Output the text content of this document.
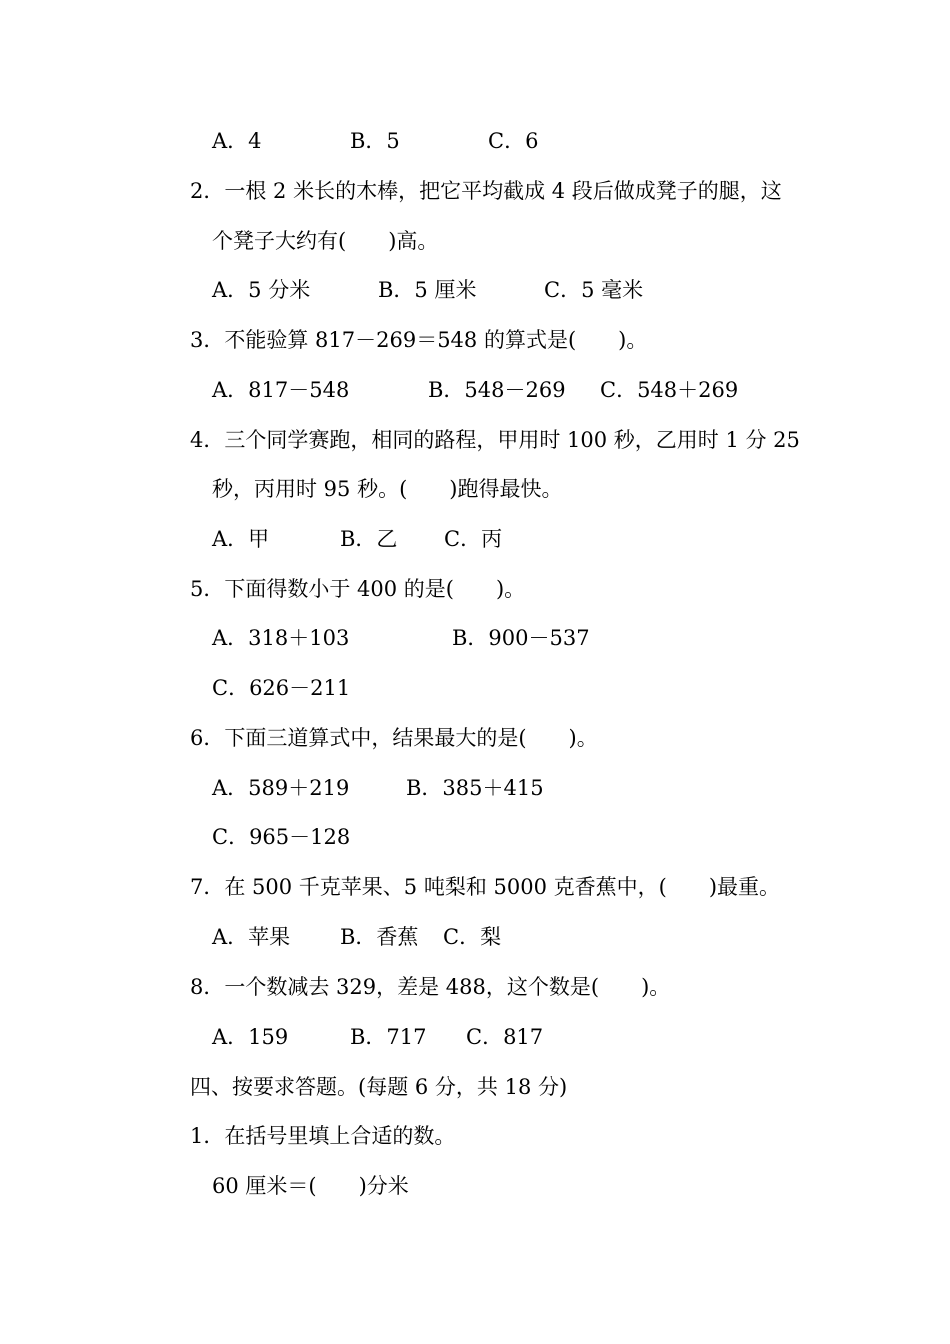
A．4	B．5	C．6
2．一根 2 米长的木棒，把它平均截成 4 段后做成凳子的腿，这
个凳子大约有(　　)高。
A．5 分米	B．5 厘米	C．5 毫米
3．不能验算 817－269＝548 的算式是(　　)。
A．817－548	B．548－269 C．548＋269
4．三个同学赛跑，相同的路程，甲用时 100 秒，乙用时 1 分 25
秒，丙用时 95 秒。(　　)跑得最快。
A．甲	B．乙 C．丙
5．下面得数小于 400 的是(　　)。
A．318＋103	B．900－537
C．626－211
6．下面三道算式中，结果最大的是(　　)。
A．589＋219	B．385＋415
C．965－128
7．在 500 千克苹果、5 吨梨和 5000 克香蕉中，(　　)最重。
A．苹果 B．香蕉 C．梨
8．一个数减去 329，差是 488，这个数是(　　)。
A．159	B．717 C．817
四、按要求答题。(每题 6 分，共 18 分)
1．在括号里填上合适的数。
60 厘米＝(　　)分米
